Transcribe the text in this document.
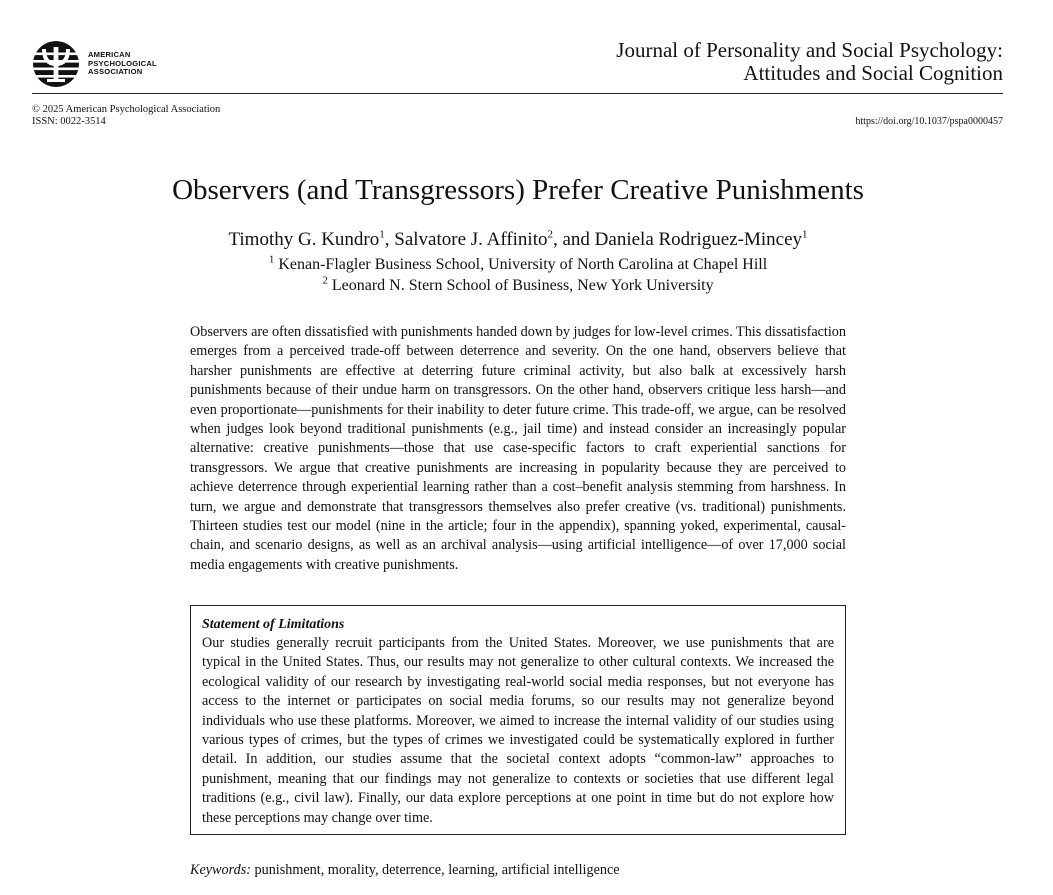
AMERICAN
PSYCHOLOGICAL
ASSOCIATION
Journal of Personality and Social Psychology:
Attitudes and Social Cognition
© 2025 American Psychological Association
ISSN: 0022-3514	https://doi.org/10.1037/pspa0000457
Observers (and Transgressors) Prefer Creative Punishments
Timothy G. Kundro$^1$, Salvatore J. Affinito$^2$, and Daniela Rodriguez-Mincey$^1$
$^1$ Kenan-Flagler Business School, University of North Carolina at Chapel Hill
$^2$ Leonard N. Stern School of Business, New York University

Observers are often dissatisfied with punishments handed down by judges for low-level crimes. This dissatisfaction emerges from a perceived trade-off between deterrence and severity. On the one hand, observers believe that harsher punishments are effective at deterring future criminal activity, but also balk at excessively harsh punishments because of their undue harm on transgressors. On the other hand, observers critique less harsh—and even proportionate—punishments for their inability to deter future crime. This trade-off, we argue, can be resolved when judges look beyond traditional punishments (e.g., jail time) and instead consider an increasingly popular alternative: creative punishments—those that use case-specific factors to craft experiential sanctions for transgressors. We argue that creative punishments are increasing in popularity because they are perceived to achieve deterrence through experiential learning rather than a cost–benefit analysis stemming from harshness. In turn, we argue and demonstrate that transgressors themselves also prefer creative (vs. traditional) punishments. Thirteen studies test our model (nine in the article; four in the appendix), spanning yoked, experimental, causal-chain, and scenario designs, as well as an archival analysis—using artificial intelligence—of over 17,000 social media engagements with creative punishments.

Statement of Limitations

Our studies generally recruit participants from the United States. Moreover, we use punishments that are typical in the United States. Thus, our results may not generalize to other cultural contexts. We increased the ecological validity of our research by investigating real-world social media responses, but not everyone has access to the internet or participates on social media forums, so our results may not generalize beyond individuals who use these platforms. Moreover, we aimed to increase the internal validity of our studies using various types of crimes, but the types of crimes we investigated could be systematically explored in further detail. In addition, our studies assume that the societal context adopts “common-law” approaches to punishment, meaning that our findings may not generalize to contexts or societies that use different legal traditions (e.g., civil law). Finally, our data explore perceptions at one point in time but do not explore how these perceptions may change over time.

Keywords: punishment, morality, deterrence, learning, artificial intelligence
